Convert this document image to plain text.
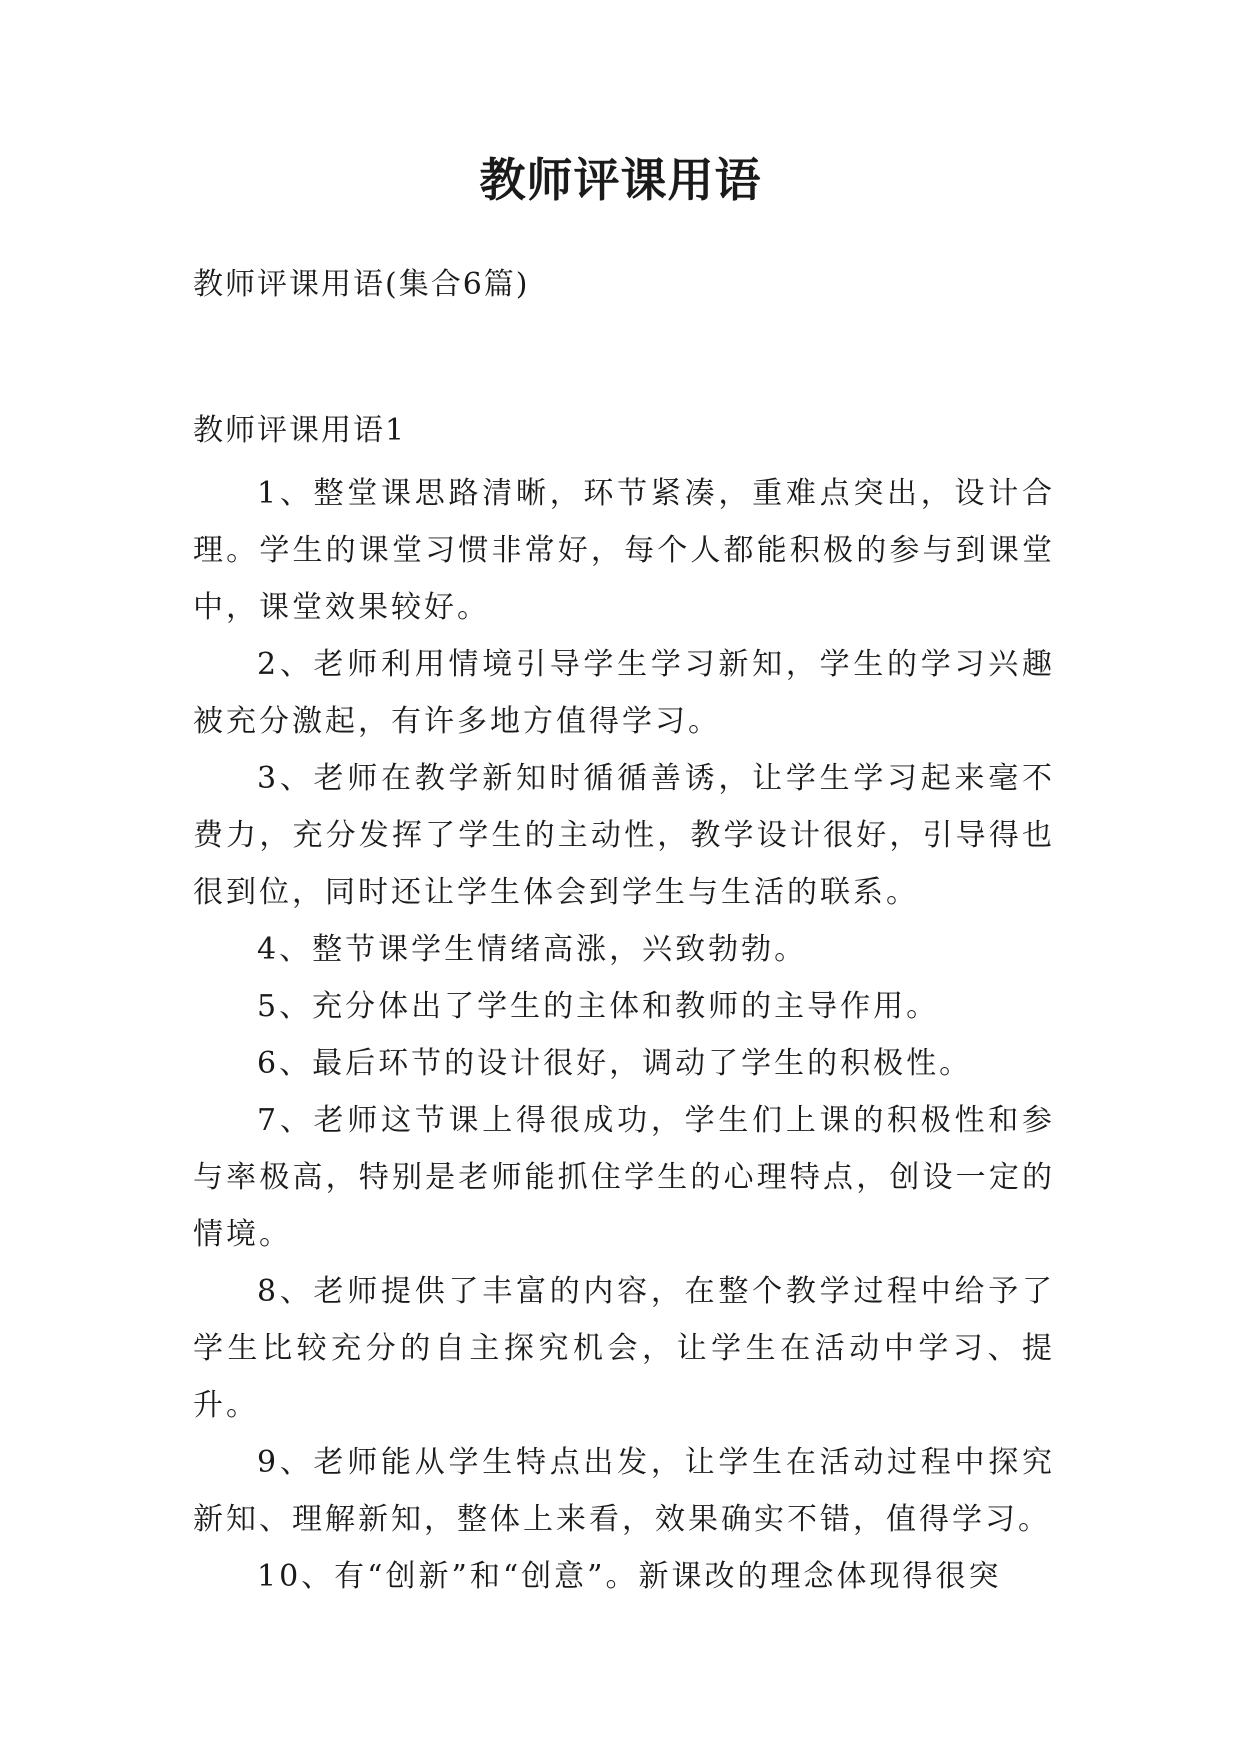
教师评课用语

教师评课用语(集合6篇)

教师评课用语1

1、整堂课思路清晰，环节紧凑，重难点突出，设计合理。学生的课堂习惯非常好，每个人都能积极的参与到课堂中，课堂效果较好。

2、老师利用情境引导学生学习新知，学生的学习兴趣被充分激起，有许多地方值得学习。

3、老师在教学新知时循循善诱，让学生学习起来毫不费力，充分发挥了学生的主动性，教学设计很好，引导得也很到位，同时还让学生体会到学生与生活的联系。

4、整节课学生情绪高涨，兴致勃勃。

5、充分体出了学生的主体和教师的主导作用。

6、最后环节的设计很好，调动了学生的积极性。

7、老师这节课上得很成功，学生们上课的积极性和参与率极高，特别是老师能抓住学生的心理特点，创设一定的情境。

8、老师提供了丰富的内容，在整个教学过程中给予了学生比较充分的自主探究机会，让学生在活动中学习、提升。

9、老师能从学生特点出发，让学生在活动过程中探究新知、理解新知，整体上来看，效果确实不错，值得学习。

10、有“创新”和“创意”。新课改的理念体现得很突
